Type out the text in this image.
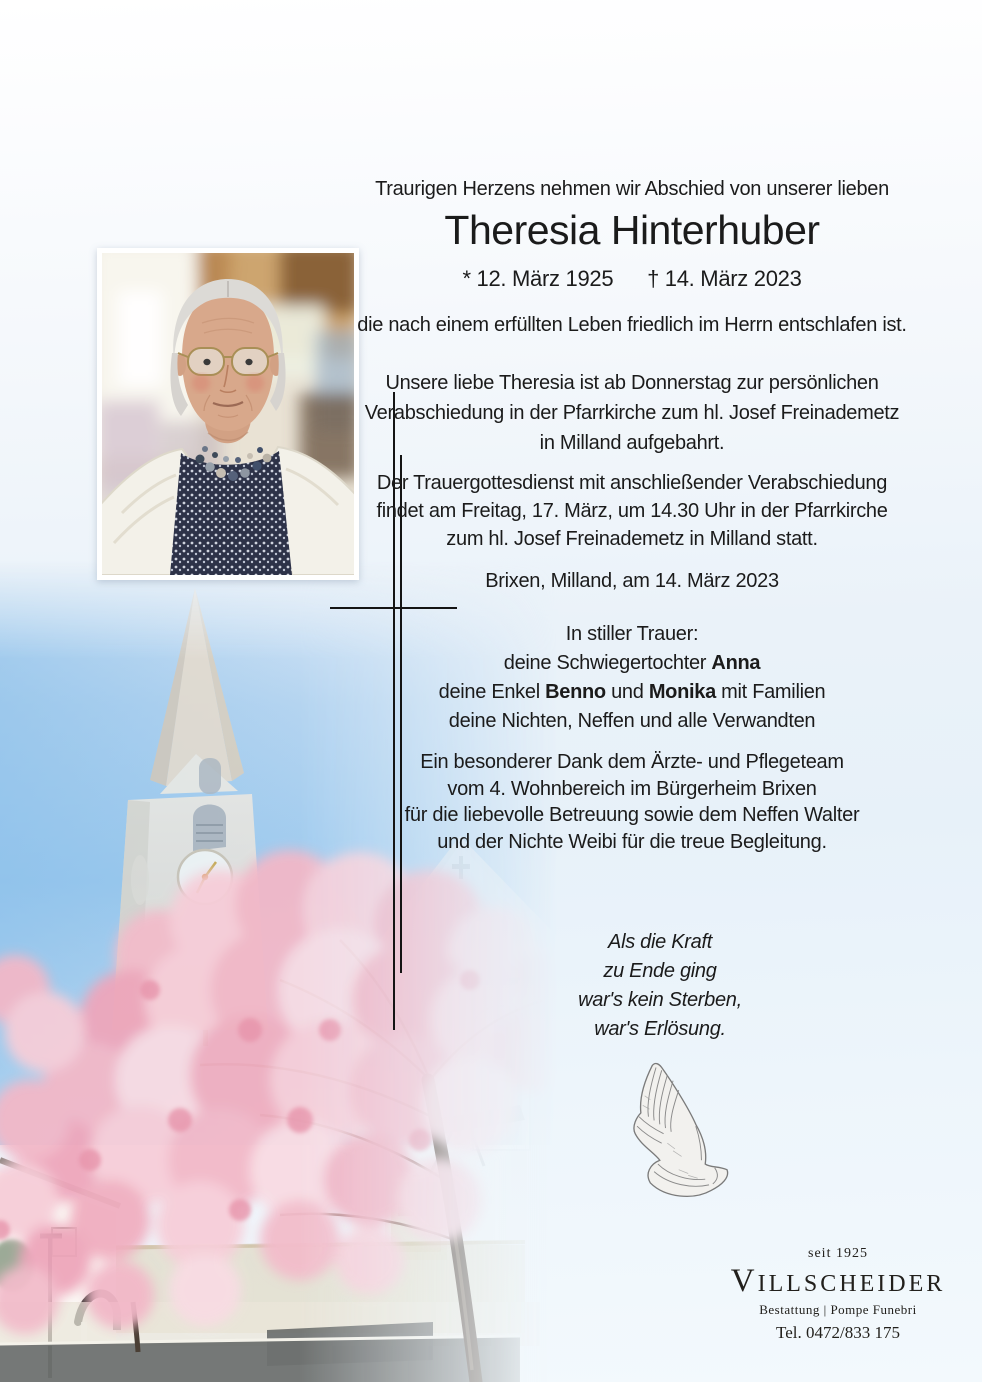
Traurigen Herzens nehmen wir Abschied von unserer lieben
Theresia Hinterhuber
* 12. März 1925 † 14. März 2023
die nach einem erfüllten Leben friedlich im Herrn entschlafen ist.
Unsere liebe Theresia ist ab Donnerstag zur persönlichen
Verabschiedung in der Pfarrkirche zum hl. Josef Freinademetz
in Milland aufgebahrt.
Der Trauergottesdienst mit anschließender Verabschiedung
findet am Freitag, 17. März, um 14.30 Uhr in der Pfarrkirche
zum hl. Josef Freinademetz in Milland statt.
Brixen, Milland, am 14. März 2023
In stiller Trauer:
deine Schwiegertochter Anna
deine Enkel Benno und Monika mit Familien
deine Nichten, Neffen und alle Verwandten
Ein besonderer Dank dem Ärzte- und Pflegeteam
vom 4. Wohnbereich im Bürgerheim Brixen
für die liebevolle Betreuung sowie dem Neffen Walter
und der Nichte Weibi für die treue Begleitung.
Als die Kraft
zu Ende ging
war's kein Sterben,
war's Erlösung.
seit 1925
VILLSCHEIDER
Bestattung | Pompe Funebri
Tel. 0472/833 175
